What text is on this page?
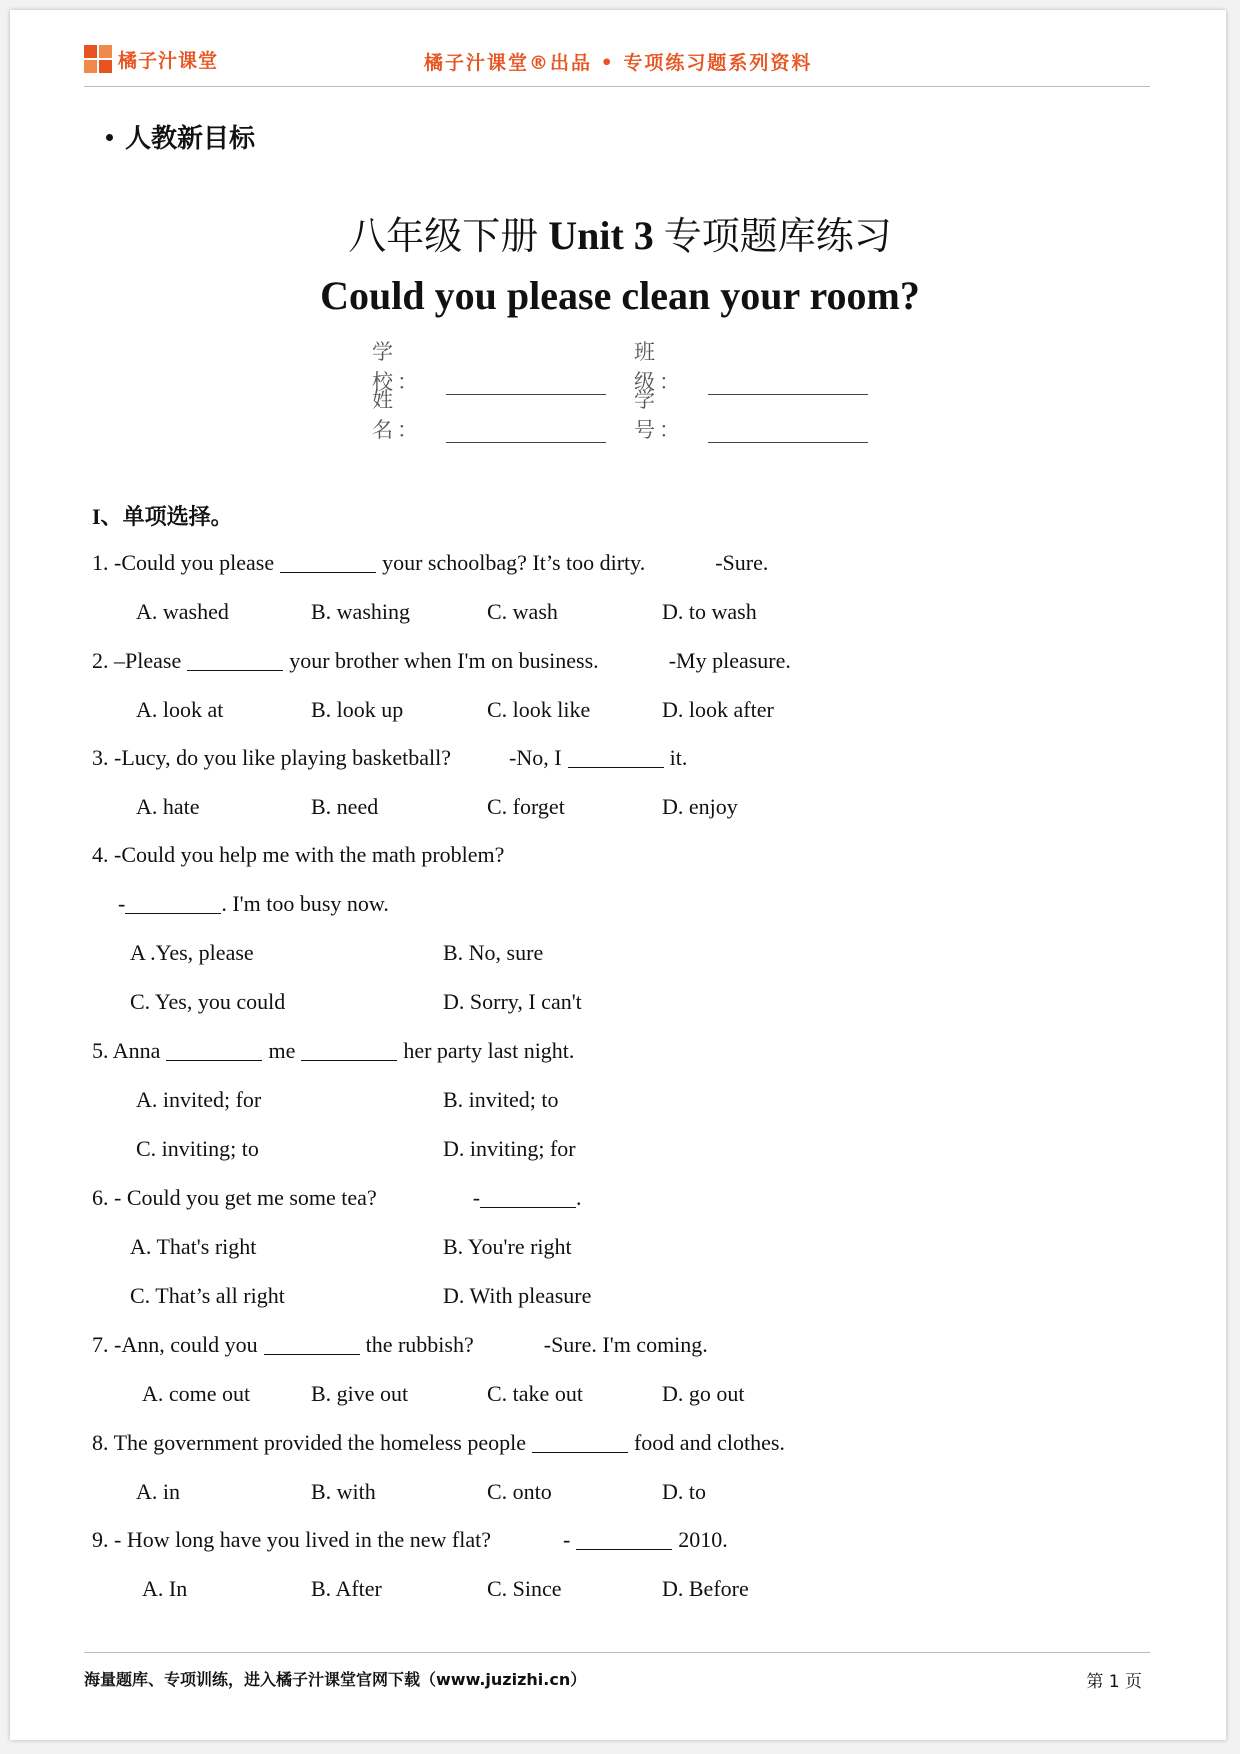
橘子汁课堂	橘子汁课堂®出品 • 专项练习题系列资料
人教新目标
八年级下册 Unit 3 专项题库练习
Could you please clean your room?
学校：
班级：
姓名：
学号：
I、单项选择。
1. -Could you please	your schoolbag? It’s too dirty.	-Sure.
A. washed	B. washing	C. wash	D. to wash
2. –Please	your brother when I'm on business.	-My pleasure.
A. look at	B. look up	C. look like	D. look after
3. -Lucy, do you like playing basketball?	-No, I	it.
A. hate	B. need	C. forget	D. enjoy
4. -Could you help me with the math problem?
-	. I'm too busy now.
A .Yes, please	B. No, sure
C. Yes, you could	D. Sorry, I can't
5. Anna	me	her party last night.
A. invited; for	B. invited; to
C. inviting; to	D. inviting; for
6. - Could you get me some tea?	-	.
A. That's right	B. You're right
C. That’s all right	D. With pleasure
7. -Ann, could you	the rubbish?	-Sure. I'm coming.
A. come out	B. give out	C. take out	D. go out
8. The government provided the homeless people	food and clothes.
A. in	B. with	C. onto	D. to
9. - How long have you lived in the new flat?	-	2010.
A. In	B. After	C. Since	D. Before
海量题库、专项训练，进入橘子汁课堂官网下载（www.juzizhi.cn）	第 1 页
